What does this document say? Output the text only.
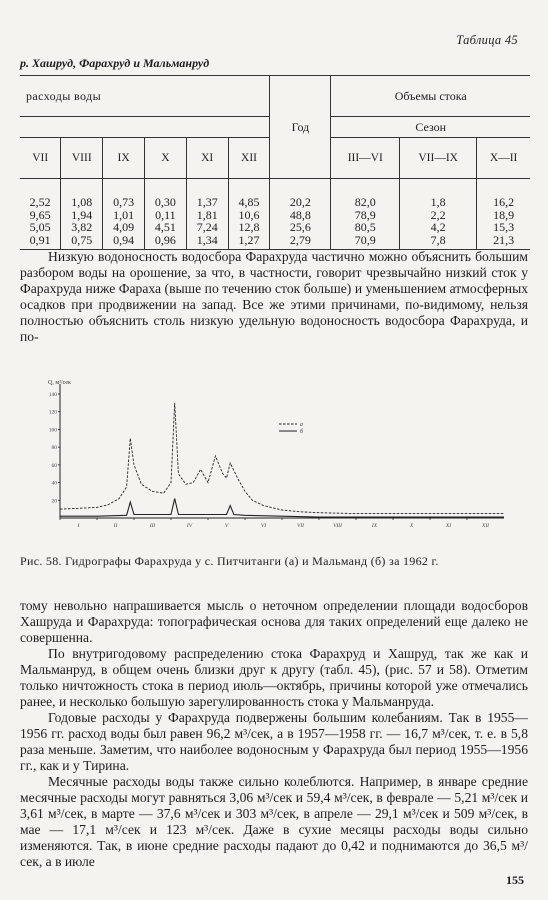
Таблица 45
р. Хашруд, Фарахруд и Мальманруд
расходы воды						Год	Объемы стока		
							Сезон		
VII	VIII	IX	X	XI	XII		III—VI	VII—IX	X—II
2,52	1,08	0,73	0,30	1,37	4,85	20,2	82,0	1,8	16,2
9,65	1,94	1,01	0,11	1,81	10,6	48,8	78,9	2,2	18,9
5,05	3,82	4,09	4,51	7,24	12,8	25,6	80,5	4,2	15,3
0,91	0,75	0,94	0,96	1,34	1,27	2,79	70,9	7,8	21,3

Низкую водоносность водосбора Фарахруда частично можно объяснить большим разбором воды на орошение, за что, в частности, говорит чрезвычайно низкий сток у Фарахруда ниже Фараха (выше по течению сток больше) и уменьшением атмосферных осадков при продвижении на запад. Все же этими причинами, по-видимому, нельзя полностью объяснить столь низкую удельную водоносность водосбора Фарахруда, и по-

Q, м³/сек
140
120
100
80
60
40
20
I	II	III	IV	V	VI	VII	VIII	IX	X	XI	XII
а
б
Рис. 58. Гидрографы Фарахруда у с. Питчитанги (а) и Мальманд (б) за 1962 г.

тому невольно напрашивается мысль о неточном определении площади водосборов Хашруда и Фарахруда: топографическая основа для таких определений еще далеко не совершенна.

По внутригодовому распределению стока Фарахруд и Хашруд, так же как и Мальманруд, в общем очень близки друг к другу (табл. 45), (рис. 57 и 58). Отметим только ничтожность стока в период июль—октябрь, причины которой уже отмечались ранее, и несколько большую зарегулированность стока у Мальманруда.

Годовые расходы у Фарахруда подвержены большим колебаниям. Так в 1955—1956 гг. расход воды был равен 96,2 м³/сек, а в 1957—1958 гг. — 16,7 м³/сек, т. е. в 5,8 раза меньше. Заметим, что наиболее водоносным у Фарахруда был период 1955—1956 гг., как и у Тирина.

Месячные расходы воды также сильно колеблются. Например, в январе средние месячные расходы могут равняться 3,06 м³/сек и 59,4 м³/сек, в феврале — 5,21 м³/сек и 3,61 м³/сек, в марте — 37,6 м³/сек и 303 м³/сек, в апреле — 29,1 м³/сек и 509 м³/сек, в мае — 17,1 м³/сек и 123 м³/сек. Даже в сухие месяцы расходы воды сильно изменяются. Так, в июне средние расходы падают до 0,42 и поднимаются до 36,5 м³/сек, а в июле

155
